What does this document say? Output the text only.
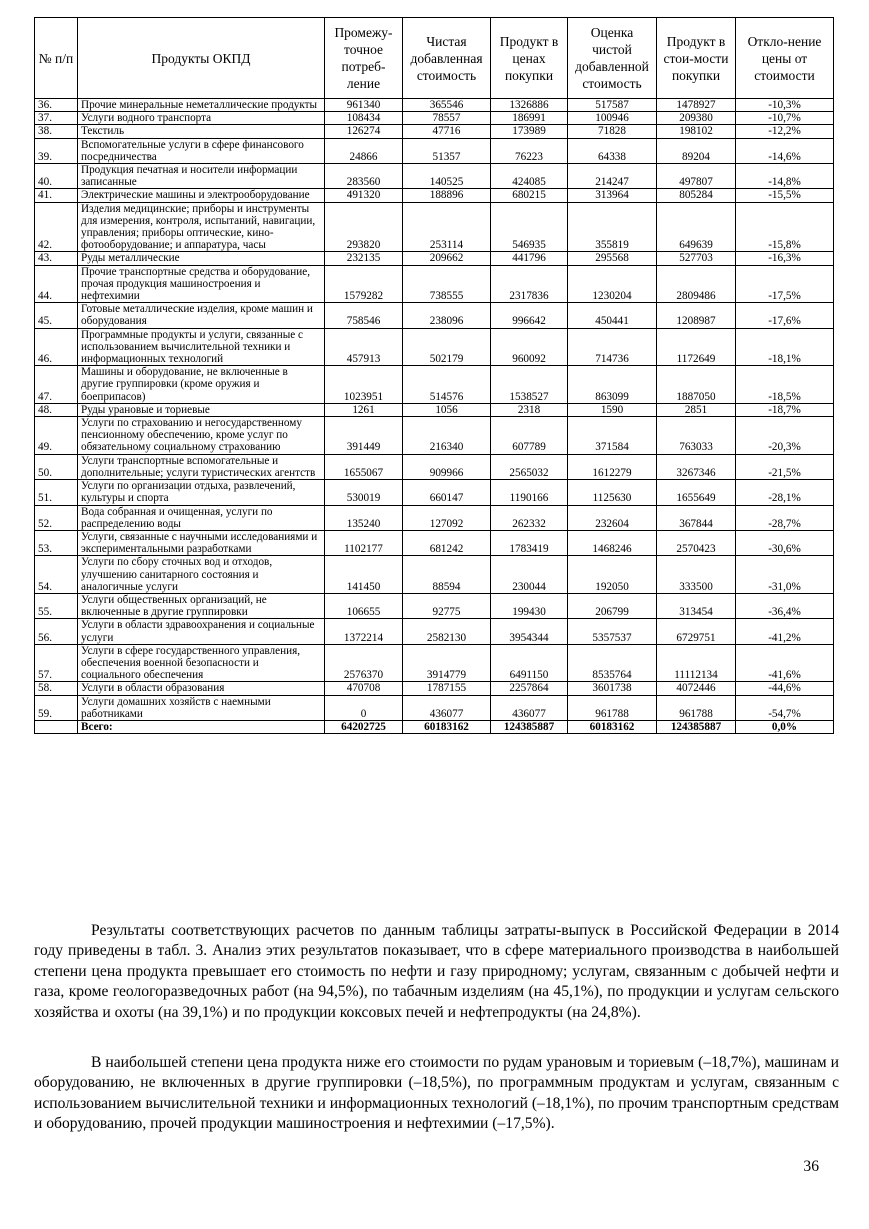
№ п/п	Продукты ОКПД	Промежу-точное потреб-ление	Чистая добавленная стоимость	Продукт в ценах покупки	Оценка чистой добавленной стоимость	Продукт в стои-мости покупки	Откло-нение цены от стоимости
36.	Прочие минеральные неметаллические продукты	961340	365546	1326886	517587	1478927	-10,3%
37.	Услуги водного транспорта	108434	78557	186991	100946	209380	-10,7%
38.	Текстиль	126274	47716	173989	71828	198102	-12,2%
39.	Вспомогательные услуги в сфере финансового посредничества	24866	51357	76223	64338	89204	-14,6%
40.	Продукция печатная и носители информации записанные	283560	140525	424085	214247	497807	-14,8%
41.	Электрические машины и электрооборудование	491320	188896	680215	313964	805284	-15,5%
42.	Изделия медицинские; приборы и инструменты для измерения, контроля, испытаний, навигации, управления; приборы оптические, кино- фотооборудование; и аппаратура, часы	293820	253114	546935	355819	649639	-15,8%
43.	Руды металлические	232135	209662	441796	295568	527703	-16,3%
44.	Прочие транспортные средства и оборудование, прочая продукция машиностроения и нефтехимии	1579282	738555	2317836	1230204	2809486	-17,5%
45.	Готовые металлические изделия, кроме машин и оборудования	758546	238096	996642	450441	1208987	-17,6%
46.	Программные продукты и услуги, связанные с использованием вычислительной техники и информационных технологий	457913	502179	960092	714736	1172649	-18,1%
47.	Машины и оборудование, не включенные в другие группировки (кроме оружия и боеприпасов)	1023951	514576	1538527	863099	1887050	-18,5%
48.	Руды урановые и ториевые	1261	1056	2318	1590	2851	-18,7%
49.	Услуги по страхованию и негосударственному пенсионному обеспечению, кроме услуг по обязательному социальному страхованию	391449	216340	607789	371584	763033	-20,3%
50.	Услуги транспортные вспомогательные и дополнительные; услуги туристических агентств	1655067	909966	2565032	1612279	3267346	-21,5%
51.	Услуги по организации отдыха, развлечений, культуры и спорта	530019	660147	1190166	1125630	1655649	-28,1%
52.	Вода собранная и очищенная, услуги по распределению воды	135240	127092	262332	232604	367844	-28,7%
53.	Услуги, связанные с научными исследованиями и экспериментальными разработками	1102177	681242	1783419	1468246	2570423	-30,6%
54.	Услуги по сбору сточных вод и отходов, улучшению санитарного состояния и аналогичные услуги	141450	88594	230044	192050	333500	-31,0%
55.	Услуги общественных организаций, не включенные в другие группировки	106655	92775	199430	206799	313454	-36,4%
56.	Услуги в области здравоохранения и социальные услуги	1372214	2582130	3954344	5357537	6729751	-41,2%
57.	Услуги в сфере государственного управления, обеспечения военной безопасности и социального обеспечения	2576370	3914779	6491150	8535764	11112134	-41,6%
58.	Услуги в области образования	470708	1787155	2257864	3601738	4072446	-44,6%
59.	Услуги домашних хозяйств с наемными работниками	0	436077	436077	961788	961788	-54,7%
	Всего:	64202725	60183162	124385887	60183162	124385887	0,0%

Результаты соответствующих расчетов по данным таблицы затраты-выпуск в Российской Федерации в 2014 году приведены в табл. 3. Анализ этих результатов показывает, что в сфере материального производства в наибольшей степени цена продукта превышает его стоимость по нефти и газу природному; услугам, связанным с добычей нефти и газа, кроме геологоразведочных работ (на 94,5%), по табачным изделиям (на 45,1%), по продукции и услугам сельского хозяйства и охоты (на 39,1%) и по продукции коксовых печей и нефтепродукты (на 24,8%).

В наибольшей степени цена продукта ниже его стоимости по рудам урановым и ториевым (–18,7%), машинам и оборудованию, не включенных в другие группировки (–18,5%), по программным продуктам и услугам, связанным с использованием вычислительной техники и информационных технологий (–18,1%), по прочим транспортным средствам и оборудованию, прочей продукции машиностроения и нефтехимии (–17,5%).

36
